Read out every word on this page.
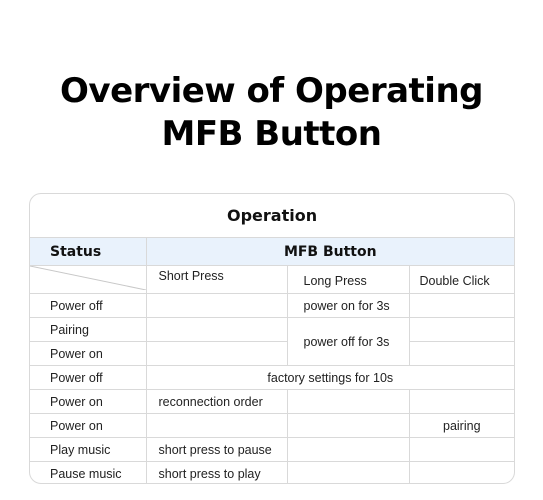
Overview of Operating
MFB Button
Operation			
Status	MFB Button		

	Short Press	Long Press	Double Click
Power off		power on for 3s	
Pairing		power off for 3s	
Power on			
Power off	factory settings for 10s		
Power on	reconnection order		
Power on			pairing
Play music	short press to pause		
Pause music	short press to play		
